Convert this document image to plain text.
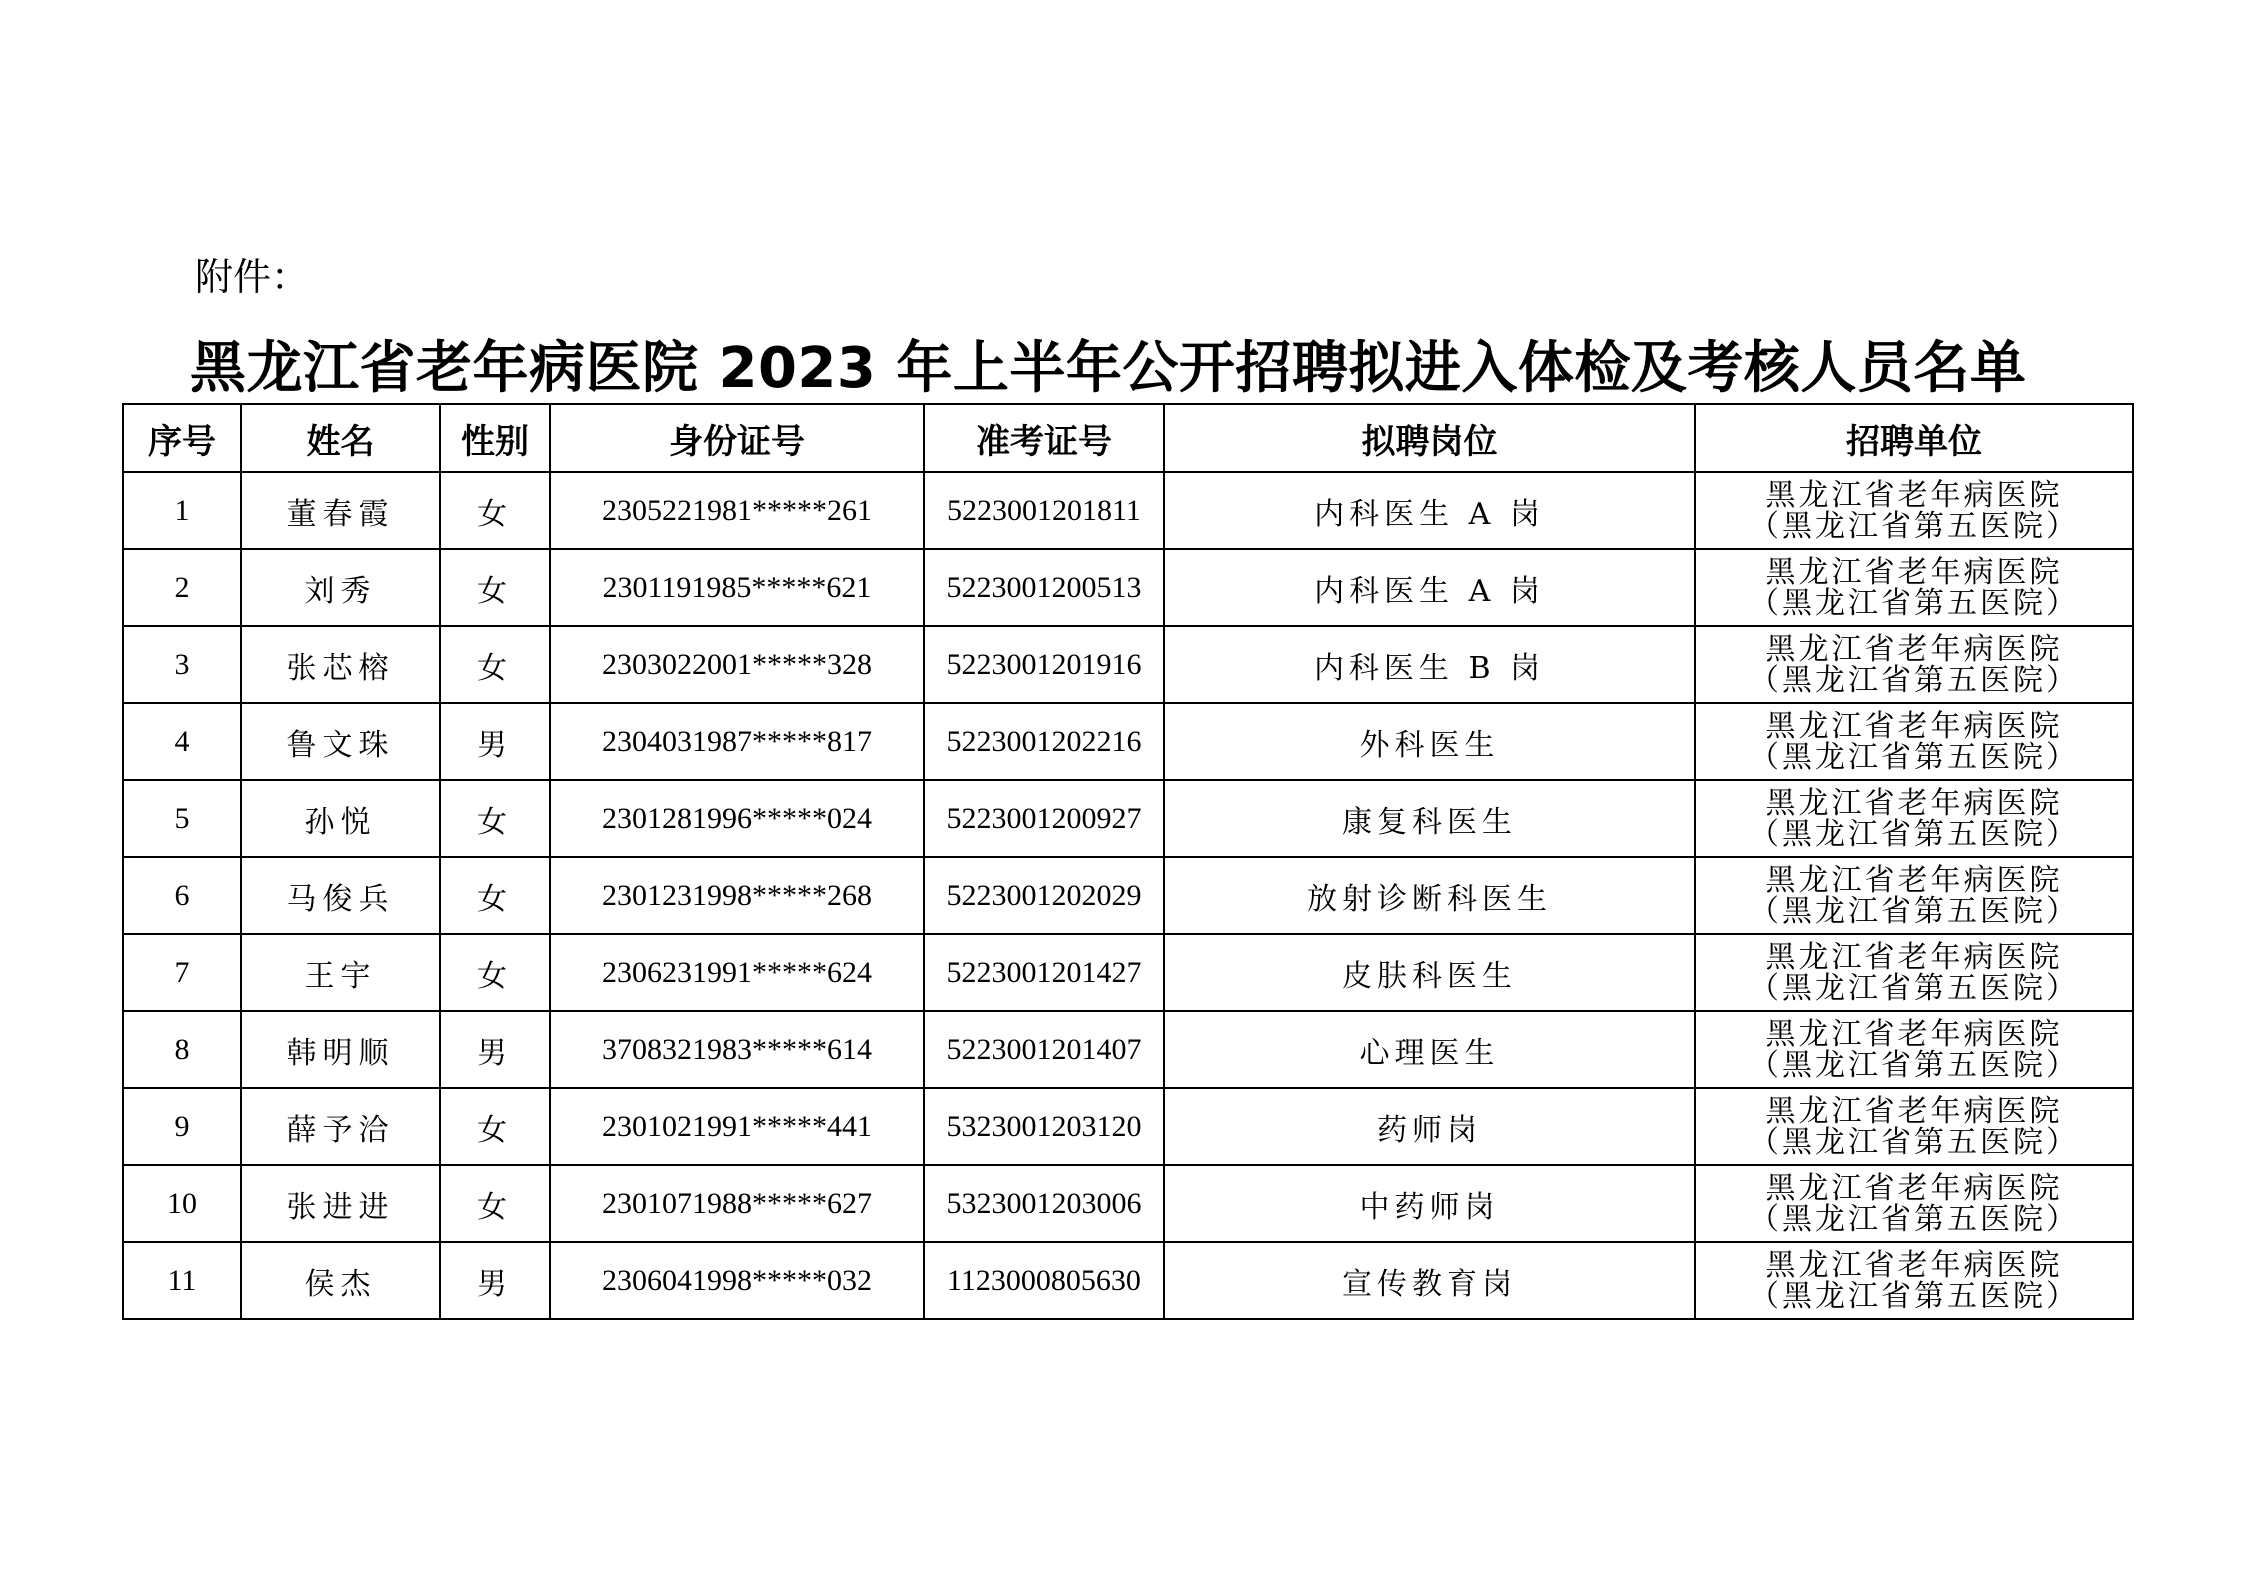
附件：
黑龙江省老年病医院 2023 年上半年公开招聘拟进入体检及考核人员名单
序号	姓名	性别	身份证号	准考证号	拟聘岗位	招聘单位
1	董春霞	女	2305221981*****261	5223001201811	内科医生 A 岗	黑龙江省老年病医院
（黑龙江省第五医院）

2	刘秀	女	2301191985*****621	5223001200513	内科医生 A 岗	黑龙江省老年病医院
（黑龙江省第五医院）

3	张芯榕	女	2303022001*****328	5223001201916	内科医生 B 岗	黑龙江省老年病医院
（黑龙江省第五医院）

4	鲁文珠	男	2304031987*****817	5223001202216	外科医生	黑龙江省老年病医院
（黑龙江省第五医院）

5	孙悦	女	2301281996*****024	5223001200927	康复科医生	黑龙江省老年病医院
（黑龙江省第五医院）

6	马俊兵	女	2301231998*****268	5223001202029	放射诊断科医生	黑龙江省老年病医院
（黑龙江省第五医院）

7	王宇	女	2306231991*****624	5223001201427	皮肤科医生	黑龙江省老年病医院
（黑龙江省第五医院）

8	韩明顺	男	3708321983*****614	5223001201407	心理医生	黑龙江省老年病医院
（黑龙江省第五医院）

9	薛予洽	女	2301021991*****441	5323001203120	药师岗	黑龙江省老年病医院
（黑龙江省第五医院）

10	张进进	女	2301071988*****627	5323001203006	中药师岗	黑龙江省老年病医院
（黑龙江省第五医院）

11	侯杰	男	2306041998*****032	1123000805630	宣传教育岗	黑龙江省老年病医院
（黑龙江省第五医院）
